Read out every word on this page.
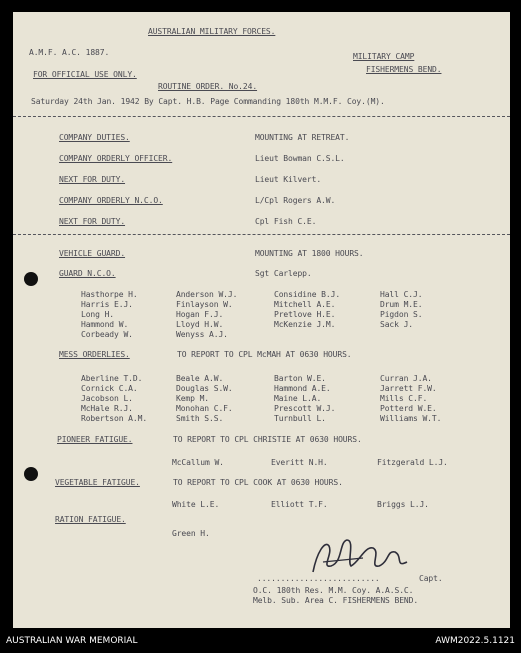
AUSTRALIAN MILITARY FORCES.
A.M.F. A.C. 1887.	MILITARY CAMP
FISHERMENS BEND.
FOR OFFICIAL USE ONLY.
ROUTINE ORDER. No.24.
Saturday 24th Jan. 1942 By Capt. H.B. Page Commanding 180th M.M.F. Coy.(M).
COMPANY DUTIES.	MOUNTING AT RETREAT.
COMPANY ORDERLY OFFICER.	Lieut Bowman C.S.L.
NEXT FOR DUTY.	Lieut Kilvert.
COMPANY ORDERLY N.C.O.	L/Cpl Rogers A.W.
NEXT FOR DUTY.	Cpl Fish C.E.
VEHICLE GUARD.	MOUNTING AT 1800 HOURS.
GUARD N.C.O.	Sgt Carlepp.
Hasthorpe H.	Anderson W.J.	Considine B.J.	Hall C.J.
Harris E.J.	Finlayson W.	Mitchell A.E.	Drum M.E.
Long H.	Hogan F.J.	Pretlove H.E.	Pigdon S.
Hammond W.	Lloyd H.W.	McKenzie J.M.	Sack J.
Corbeady W.	Wenyss A.J.
MESS ORDERLIES.	TO REPORT TO CPL McMAH AT 0630 HOURS.
Aberline T.D.	Beale A.W.	Barton W.E.	Curran J.A.
Cornick C.A.	Douglas S.W.	Hammond A.E.	Jarrett F.W.
Jacobson L.	Kemp M.	Maine L.A.	Mills C.F.
McHale R.J.	Monohan C.F.	Prescott W.J.	Potterd W.E.
Robertson A.M.	Smith S.S.	Turnbull L.	Williams W.T.
PIONEER FATIGUE.	TO REPORT TO CPL CHRISTIE AT 0630 HOURS.
McCallum W.	Everitt N.H.	Fitzgerald L.J.
VEGETABLE FATIGUE.	TO REPORT TO CPL COOK AT 0630 HOURS.
White L.E.	Elliott T.F.	Briggs L.J.
RATION FATIGUE.
Green H.
..........................	Capt.
O.C. 180th Res. M.M. Coy. A.A.S.C.
Melb. Sub. Area C. FISHERMENS BEND.
AUSTRALIAN WAR MEMORIAL	AWM2022.5.1121
